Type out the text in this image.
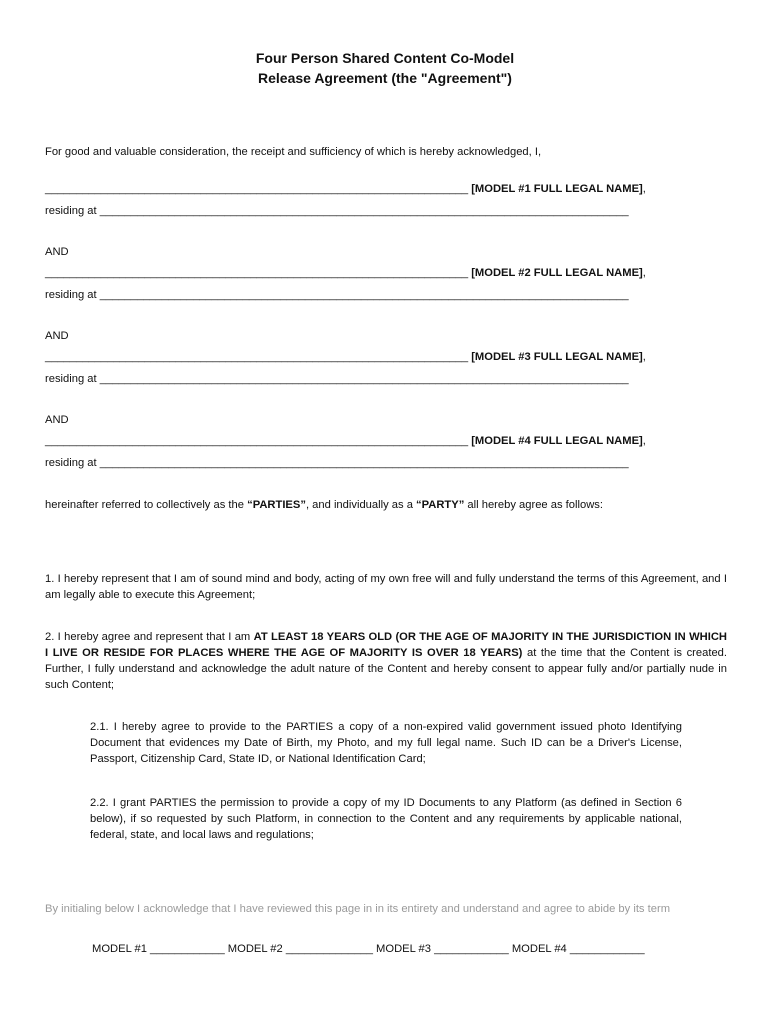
Four Person Shared Content Co-Model
Release Agreement (the "Agreement")
For good and valuable consideration, the receipt and sufficiency of which is hereby acknowledged, I,
____________________________________________________________________ [MODEL #1 FULL LEGAL NAME],
residing at _____________________________________________________________________________________
AND
____________________________________________________________________ [MODEL #2 FULL LEGAL NAME],
residing at _____________________________________________________________________________________
AND
____________________________________________________________________ [MODEL #3 FULL LEGAL NAME],
residing at _____________________________________________________________________________________
AND
____________________________________________________________________ [MODEL #4 FULL LEGAL NAME],
residing at _____________________________________________________________________________________
hereinafter referred to collectively as the “PARTIES”, and individually as a “PARTY” all hereby agree as follows:
1. I hereby represent that I am of sound mind and body, acting of my own free will and fully understand the terms of this Agreement, and I am legally able to execute this Agreement;
2. I hereby agree and represent that I am AT LEAST 18 YEARS OLD (OR THE AGE OF MAJORITY IN THE JURISDICTION IN WHICH I LIVE OR RESIDE FOR PLACES WHERE THE AGE OF MAJORITY IS OVER 18 YEARS) at the time that the Content is created. Further, I fully understand and acknowledge the adult nature of the Content and hereby consent to appear fully and/or partially nude in such Content;
2.1. I hereby agree to provide to the PARTIES a copy of a non-expired valid government issued photo Identifying Document that evidences my Date of Birth, my Photo, and my full legal name. Such ID can be a Driver's License, Passport, Citizenship Card, State ID, or National Identification Card;
2.2. I grant PARTIES the permission to provide a copy of my ID Documents to any Platform (as defined in Section 6 below), if so requested by such Platform, in connection to the Content and any requirements by applicable national, federal, state, and local laws and regulations;
By initialing below I acknowledge that I have reviewed this page in in its entirety and understand and agree to abide by its term
MODEL #1 ____________ MODEL #2 ______________ MODEL #3 ____________ MODEL #4 ____________
